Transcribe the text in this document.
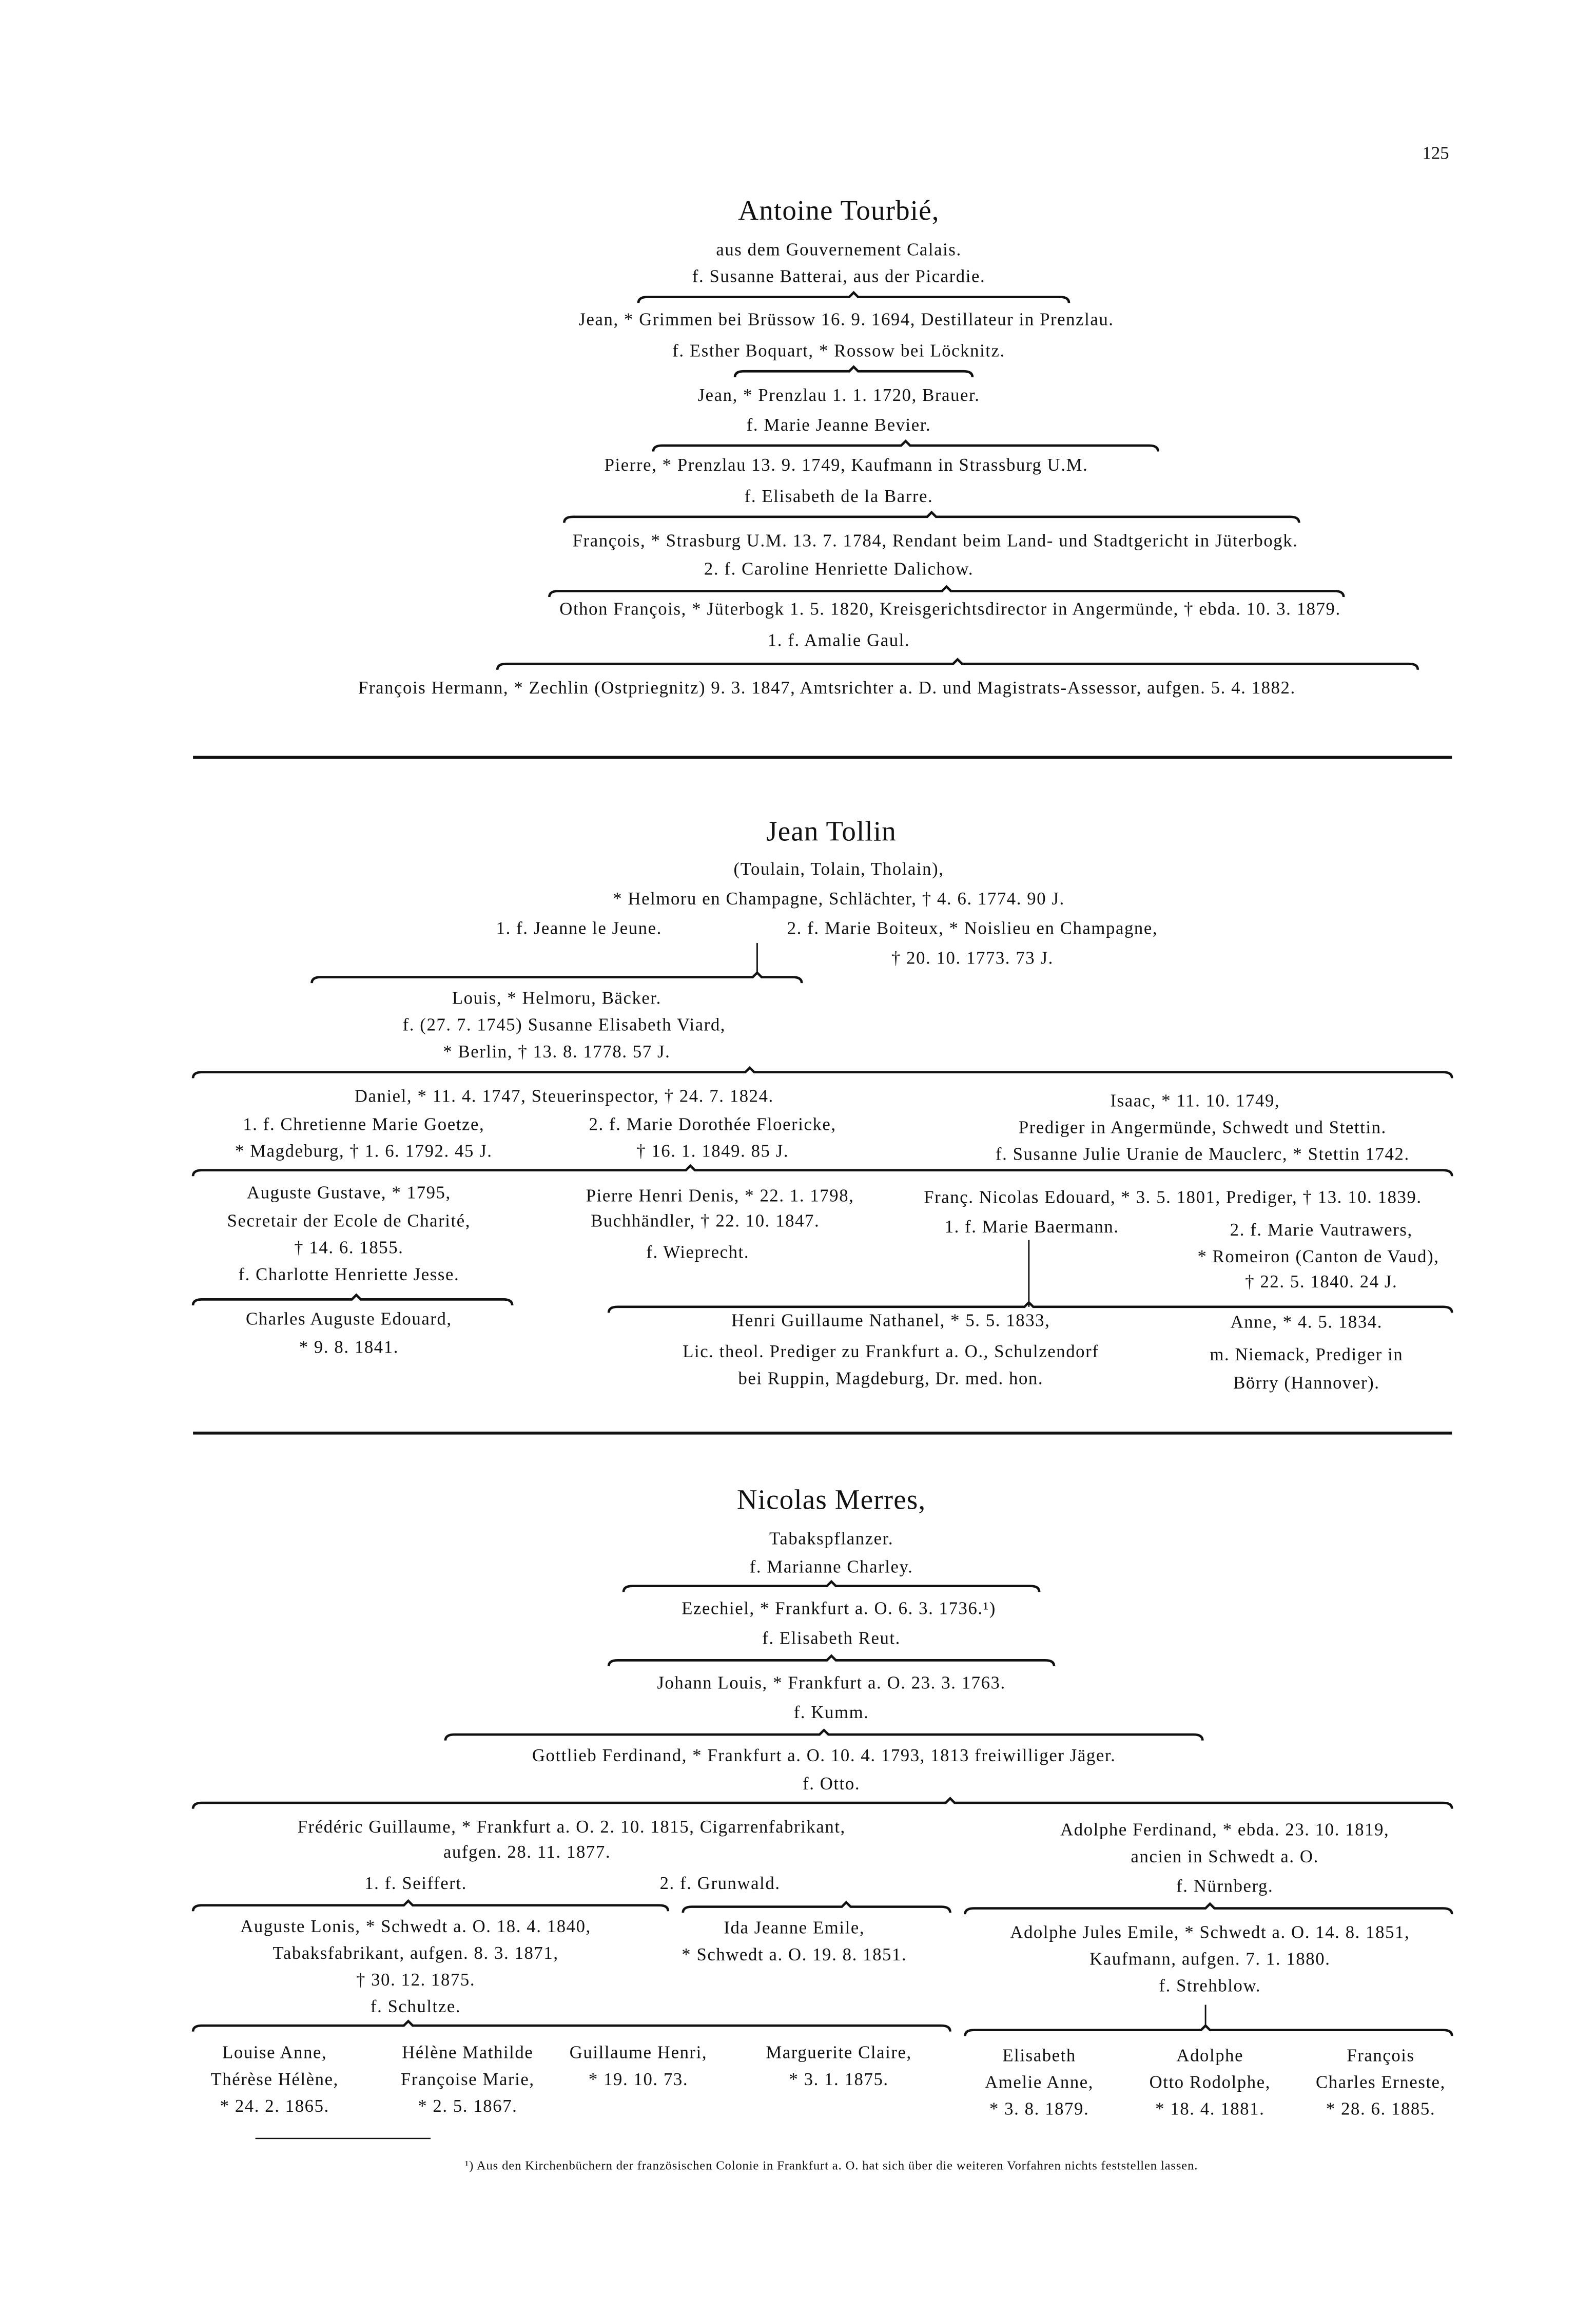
125
Antoine Tourbié,
aus dem Gouvernement Calais.
f. Susanne Batterai, aus der Picardie.
Jean, * Grimmen bei Brüssow 16. 9. 1694, Destillateur in Prenzlau.
f. Esther Boquart, * Rossow bei Löcknitz.
Jean, * Prenzlau 1. 1. 1720, Brauer.
f. Marie Jeanne Bevier.
Pierre, * Prenzlau 13. 9. 1749, Kaufmann in Strassburg U.M.
f. Elisabeth de la Barre.
François, * Strasburg U.M. 13. 7. 1784, Rendant beim Land- und Stadtgericht in Jüterbogk.
2. f. Caroline Henriette Dalichow.
Othon François, * Jüterbogk 1. 5. 1820, Kreisgerichtsdirector in Angermünde, † ebda. 10. 3. 1879.
1. f. Amalie Gaul.
François Hermann, * Zechlin (Ostpriegnitz) 9. 3. 1847, Amtsrichter a. D. und Magistrats-Assessor, aufgen. 5. 4. 1882.
Jean Tollin
(Toulain, Tolain, Tholain),
* Helmoru en Champagne, Schlächter, † 4. 6. 1774. 90 J.
1. f. Jeanne le Jeune.	2. f. Marie Boiteux, * Noislieu en Champagne,
† 20. 10. 1773. 73 J.
Louis, * Helmoru, Bäcker.
f. (27. 7. 1745) Susanne Elisabeth Viard,
* Berlin, † 13. 8. 1778. 57 J.
Daniel, * 11. 4. 1747, Steuerinspector, † 24. 7. 1824.
1. f. Chretienne Marie Goetze,
* Magdeburg, † 1. 6. 1792. 45 J.
2. f. Marie Dorothée Floericke,
† 16. 1. 1849. 85 J.
Isaac, * 11. 10. 1749,
Prediger in Angermünde, Schwedt und Stettin.
f. Susanne Julie Uranie de Mauclerc, * Stettin 1742.
Auguste Gustave, * 1795,
Secretair der Ecole de Charité,
† 14. 6. 1855.
f. Charlotte Henriette Jesse.
Pierre Henri Denis, * 22. 1. 1798,
Buchhändler, † 22. 10. 1847.
f. Wieprecht.
Franç. Nicolas Edouard, * 3. 5. 1801, Prediger, † 13. 10. 1839.
1. f. Marie Baermann.	2. f. Marie Vautrawers,
* Romeiron (Canton de Vaud),
† 22. 5. 1840. 24 J.
Charles Auguste Edouard,
* 9. 8. 1841.
Henri Guillaume Nathanel, * 5. 5. 1833,
Lic. theol. Prediger zu Frankfurt a. O., Schulzendorf
bei Ruppin, Magdeburg, Dr. med. hon.
Anne, * 4. 5. 1834.
m. Niemack, Prediger in
Börry (Hannover).
Nicolas Merres,
Tabakspflanzer.
f. Marianne Charley.
Ezechiel, * Frankfurt a. O. 6. 3. 1736.¹)
f. Elisabeth Reut.
Johann Louis, * Frankfurt a. O. 23. 3. 1763.
f. Kumm.
Gottlieb Ferdinand, * Frankfurt a. O. 10. 4. 1793, 1813 freiwilliger Jäger.
f. Otto.
Frédéric Guillaume, * Frankfurt a. O. 2. 10. 1815, Cigarrenfabrikant,
aufgen. 28. 11. 1877.
1. f. Seiffert.	2. f. Grunwald.
Adolphe Ferdinand, * ebda. 23. 10. 1819,
ancien in Schwedt a. O.
f. Nürnberg.
Auguste Lonis, * Schwedt a. O. 18. 4. 1840,
Tabaksfabrikant, aufgen. 8. 3. 1871,
† 30. 12. 1875.
f. Schultze.
Ida Jeanne Emile,
* Schwedt a. O. 19. 8. 1851.
Adolphe Jules Emile, * Schwedt a. O. 14. 8. 1851,
Kaufmann, aufgen. 7. 1. 1880.
f. Strehblow.
Louise Anne,
Thérèse Hélène,
* 24. 2. 1865.
Hélène Mathilde
Françoise Marie,
* 2. 5. 1867.
Guillaume Henri,
* 19. 10. 73.
Marguerite Claire,
* 3. 1. 1875.
Elisabeth
Amelie Anne,
* 3. 8. 1879.
Adolphe
Otto Rodolphe,
* 18. 4. 1881.
François
Charles Erneste,
* 28. 6. 1885.
¹) Aus den Kirchenbüchern der französischen Colonie in Frankfurt a. O. hat sich über die weiteren Vorfahren nichts feststellen lassen.
